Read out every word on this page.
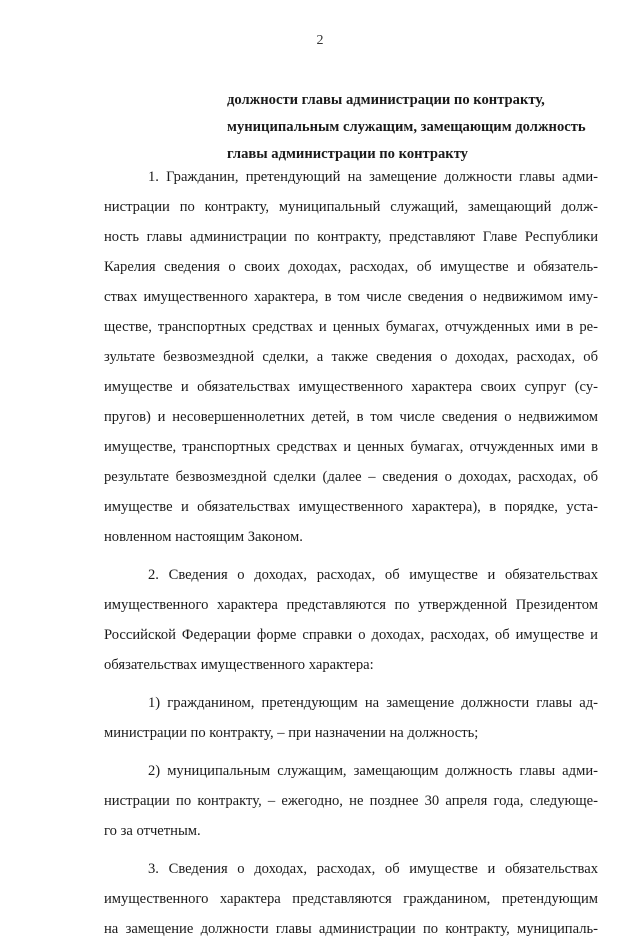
2
должности главы администрации по контракту,
муниципальным служащим, замещающим должность
главы администрации по контракту
1. Гражданин, претендующий на замещение должности главы адми-
нистрации по контракту, муниципальный служащий, замещающий долж-
ность главы администрации по контракту, представляют Главе Республики
Карелия сведения о своих доходах, расходах, об имуществе и обязатель-
ствах имущественного характера, в том числе сведения о недвижимом иму-
ществе, транспортных средствах и ценных бумагах, отчужденных ими в ре-
зультате безвозмездной сделки, а также сведения о доходах, расходах, об
имуществе и обязательствах имущественного характера своих супруг (су-
пругов) и несовершеннолетних детей, в том числе сведения о недвижимом
имуществе, транспортных средствах и ценных бумагах, отчужденных ими в
результате безвозмездной сделки (далее – сведения о доходах, расходах, об
имуществе и обязательствах имущественного характера), в порядке, уста-
новленном настоящим Законом.
2. Сведения о доходах, расходах, об имуществе и обязательствах
имущественного характера представляются по утвержденной Президентом
Российской Федерации форме справки о доходах, расходах, об имуществе и
обязательствах имущественного характера:
1) гражданином, претендующим на замещение должности главы ад-
министрации по контракту, – при назначении на должность;
2) муниципальным служащим, замещающим должность главы адми-
нистрации по контракту, – ежегодно, не позднее 30 апреля года, следующе-
го за отчетным.
3. Сведения о доходах, расходах, об имуществе и обязательствах
имущественного характера представляются гражданином, претендующим
на замещение должности главы администрации по контракту, муниципаль-
